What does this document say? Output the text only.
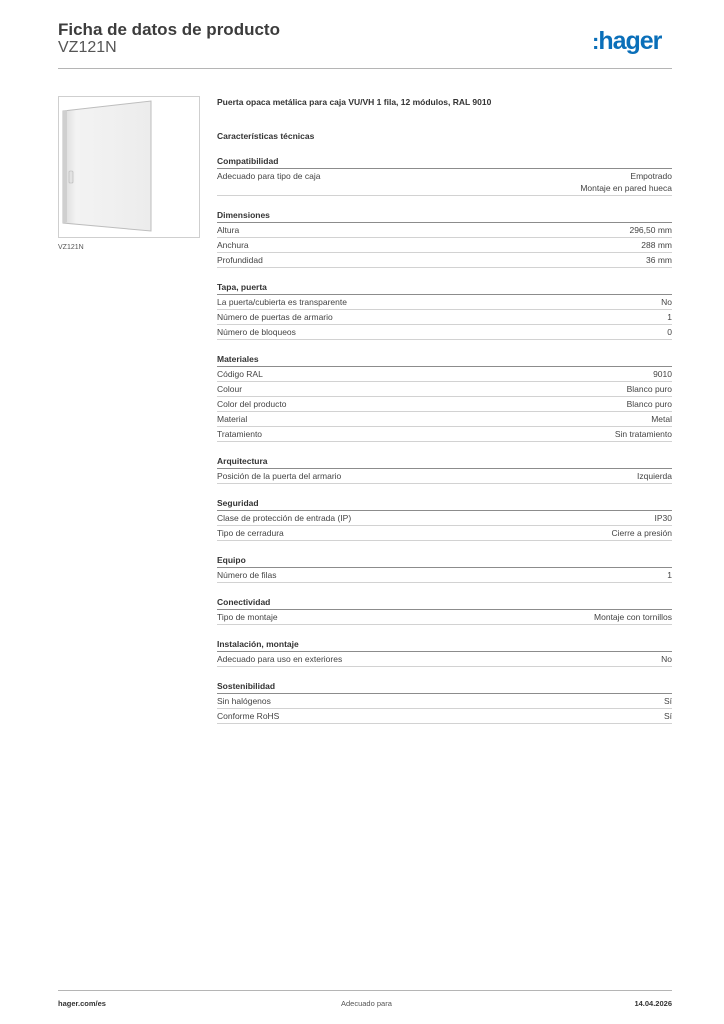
Ficha de datos de producto
VZ121N	:hager
VZ121N
Puerta opaca metálica para caja VU/VH 1 fila, 12 módulos, RAL 9010
Características técnicas
Compatibilidad
Adecuado para tipo de caja	Empotrado
Montaje en pared hueca
Dimensiones
Altura	296,50 mm
Anchura	288 mm
Profundidad	36 mm
Tapa, puerta
La puerta/cubierta es transparente	No
Número de puertas de armario	1
Número de bloqueos	0
Materiales
Código RAL	9010
Colour	Blanco puro
Color del producto	Blanco puro
Material	Metal
Tratamiento	Sin tratamiento
Arquitectura
Posición de la puerta del armario	Izquierda
Seguridad
Clase de protección de entrada (IP)	IP30
Tipo de cerradura	Cierre a presión
Equipo
Número de filas	1
Conectividad
Tipo de montaje	Montaje con tornillos
Instalación, montaje
Adecuado para uso en exteriores	No
Sostenibilidad
Sin halógenos	Sí
Conforme RoHS	Sí
hager.com/es	Adecuado para	14.04.2026
